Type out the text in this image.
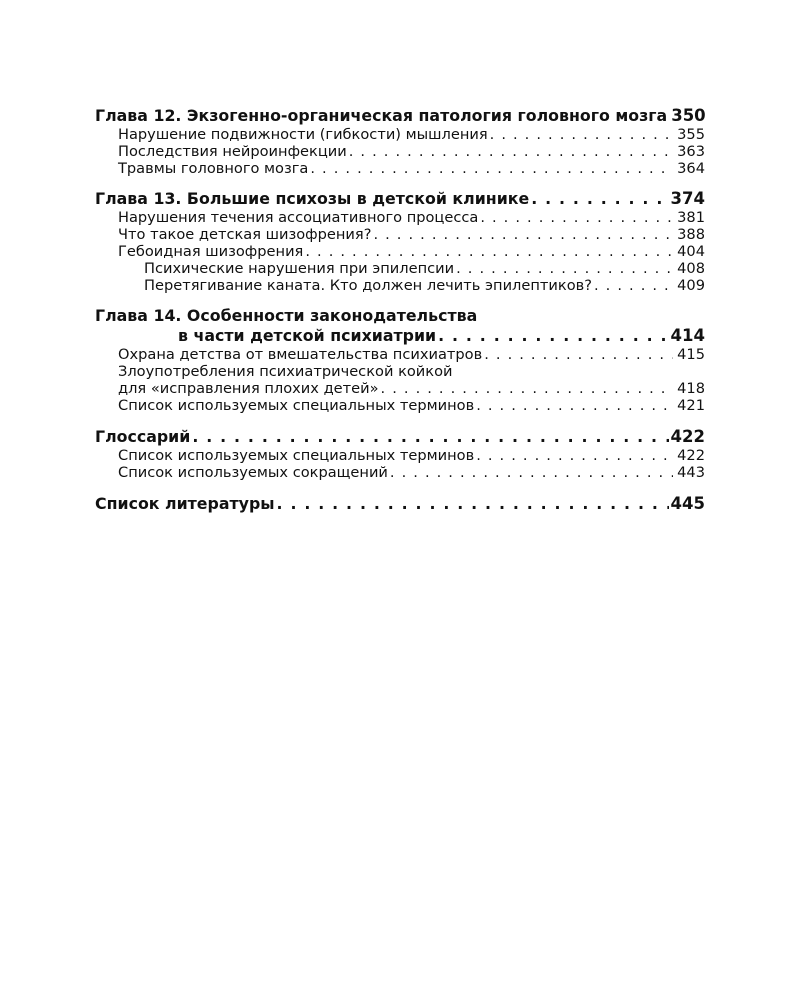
Глава 12. Экзогенно-органическая патология головного мозга 350
Нарушение подвижности (гибкости) мышления . . .	355
Последствия нейроинфекции . . .	363
Травмы головного мозга . . .	364
Глава 13. Большие психозы в детской клинике . . .	374
Нарушения течения ассоциативного процесса . . .	381
Что такое детская шизофрения? . . .	388
Гебоидная шизофрения . . .	404
Психические нарушения при эпилепсии . . .	408
Перетягивание каната. Кто должен лечить эпилептиков? . . .	409
Глава 14. Особенности законодательства
в части детской психиатрии . . .	414
Охрана детства от вмешательства психиатров . . .	415
Злоупотребления психиатрической койкой
для «исправления плохих детей» . . .	418
Список используемых специальных терминов . . .	421
Глоссарий . . .	422
Список используемых специальных терминов . . .	422
Список используемых сокращений . . .	443
Список литературы . . .	445
